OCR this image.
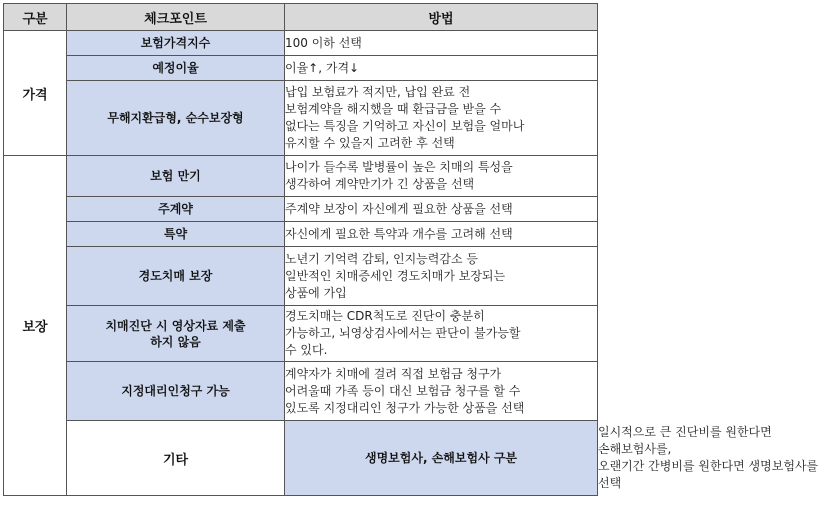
구분	체크포인트	방법	
가격	보험가격지수	100 이하 선택	

	예정이율	이율↑, 가격↓	

	무해지환급형, 순수보장형	납입 보험료가 적지만, 납입 완료 전
보험계약을 해지했을 때 환급금을 받을 수
없다는 특징을 기억하고 자신이 보험을 얼마나
유지할 수 있을지 고려한 후 선택	

보장	보험 만기	나이가 들수록 발병률이 높은 치매의 특성을
생각하여 계약만기가 긴 상품을 선택	

	주계약	주계약 보장이 자신에게 필요한 상품을 선택	

	특약	자신에게 필요한 특약과 개수를 고려해 선택	

	경도치매 보장	노년기 기억력 감퇴, 인지능력감소 등
일반적인 치매증세인 경도치매가 보장되는
상품에 가입	

	치매진단 시 영상자료 제출
하지 않음	경도치매는 CDR척도로 진단이 충분히
가능하고, 뇌영상검사에서는 판단이 불가능할
수 있다.	

	지정대리인청구 가능	계약자가 치매에 걸려 직접 보험금 청구가
어려울때 가족 등이 대신 보험금 청구를 할 수
있도록 지정대리인 청구가 가능한 상품을 선택	

	기타	생명보험사, 손해보험사 구분	일시적으로 큰 진단비를 원한다면
손해보험사를,
오랜기간 간병비를 원한다면 생명보험사를
선택
